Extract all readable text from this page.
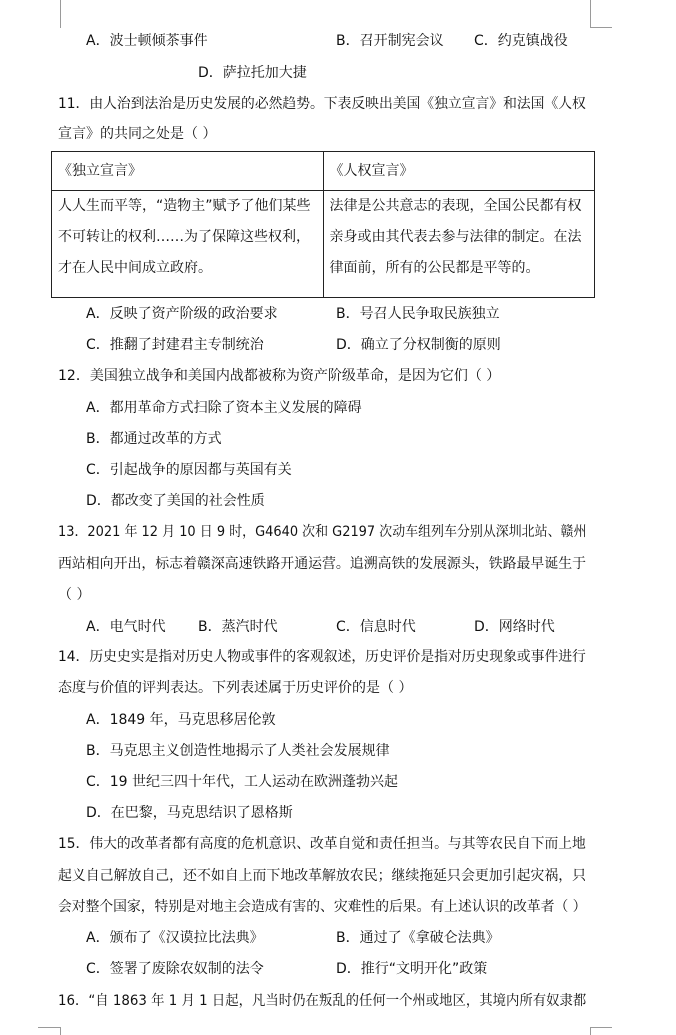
A．波士顿倾茶事件	B．召开制宪会议 C．约克镇战役
D．萨拉托加大捷
11．由人治到法治是历史发展的必然趋势。下表反映出美国《独立宣言》和法国《人权
宣言》的共同之处是（ ）
《独立宣言》	《人权宣言》
人人生而平等，“造物主”赋予了他们某些不可转让的权利……为了保障这些权利，才在人民中间成立政府。	法律是公共意志的表现，全国公民都有权亲身或由其代表去参与法律的制定。在法律面前，所有的公民都是平等的。
A．反映了资产阶级的政治要求	B．号召人民争取民族独立
C．推翻了封建君主专制统治	D．确立了分权制衡的原则
12．美国独立战争和美国内战都被称为资产阶级革命，是因为它们（ ）
A．都用革命方式扫除了资本主义发展的障碍
B．都通过改革的方式
C．引起战争的原因都与英国有关
D．都改变了美国的社会性质
13．2021 年 12 月 10 日 9 时，G4640 次和 G2197 次动车组列车分别从深圳北站、赣州
西站相向开出，标志着赣深高速铁路开通运营。追溯高铁的发展源头，铁路最早诞生于
（ ）
A．电气时代 B．蒸汽时代	C．信息时代	D．网络时代
14．历史史实是指对历史人物或事件的客观叙述，历史评价是指对历史现象或事件进行
态度与价值的评判表达。下列表述属于历史评价的是（ ）
A．1849 年，马克思移居伦敦
B．马克思主义创造性地揭示了人类社会发展规律
C．19 世纪三四十年代，工人运动在欧洲蓬勃兴起
D．在巴黎，马克思结识了恩格斯
15．伟大的改革者都有高度的危机意识、改革自觉和责任担当。与其等农民自下而上地
起义自己解放自己，还不如自上而下地改革解放农民；继续拖延只会更加引起灾祸，只
会对整个国家，特别是对地主会造成有害的、灾难性的后果。有上述认识的改革者（ ）
A．颁布了《汉谟拉比法典》	B．通过了《拿破仑法典》
C．签署了废除农奴制的法令	D．推行“文明开化”政策
16．“自 1863 年 1 月 1 日起，凡当时仍在叛乱的任何一个州或地区，其境内所有奴隶都
